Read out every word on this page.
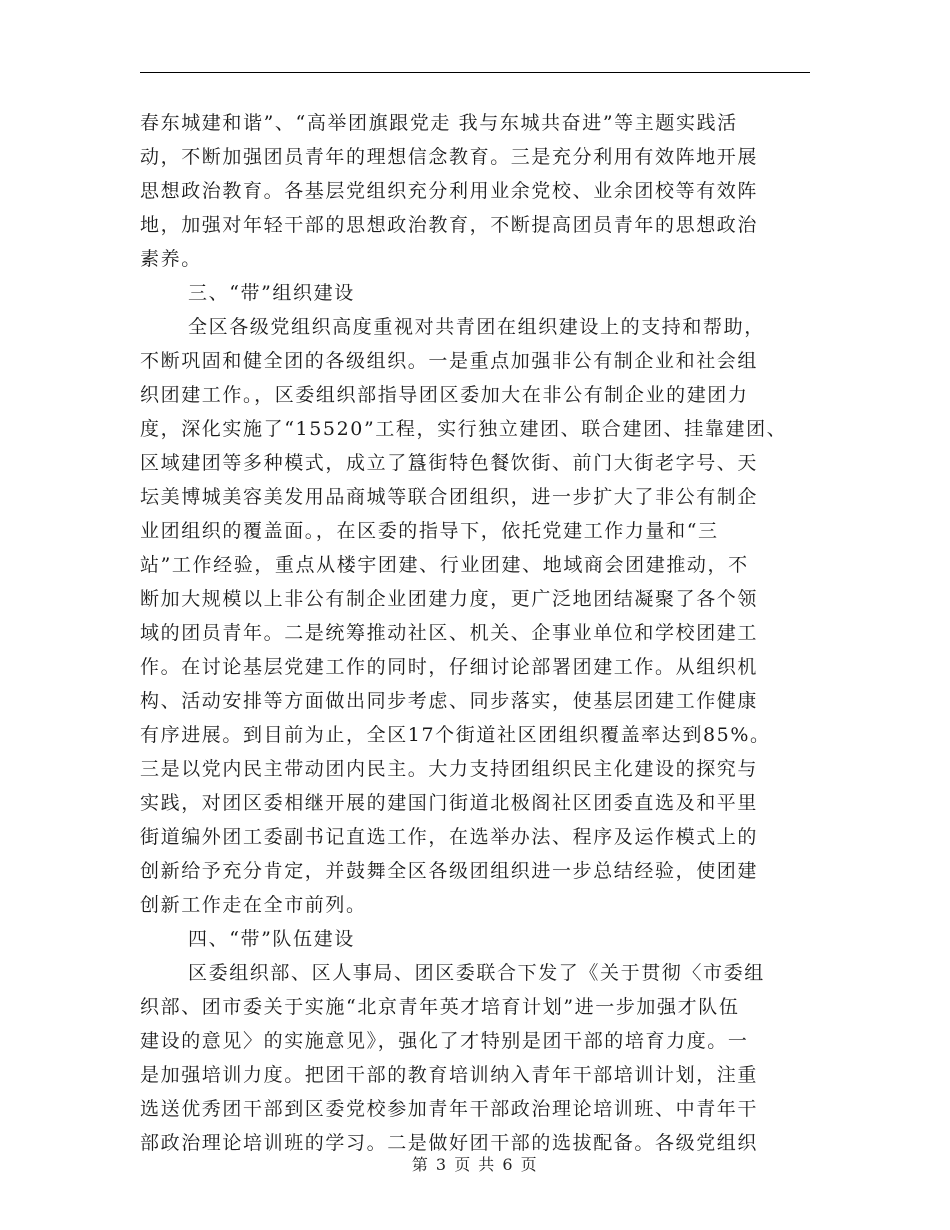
春东城建和谐”、“高举团旗跟党走 我与东城共奋进”等主题实践活
动，不断加强团员青年的理想信念教育。三是充分利用有效阵地开展
思想政治教育。各基层党组织充分利用业余党校、业余团校等有效阵
地，加强对年轻干部的思想政治教育，不断提高团员青年的思想政治
素养。
三、“带”组织建设
全区各级党组织高度重视对共青团在组织建设上的支持和帮助，
不断巩固和健全团的各级组织。一是重点加强非公有制企业和社会组
织团建工作。，区委组织部指导团区委加大在非公有制企业的建团力
度，深化实施了“15520”工程，实行独立建团、联合建团、挂靠建团、
区域建团等多种模式，成立了簋街特色餐饮街、前门大街老字号、天
坛美博城美容美发用品商城等联合团组织，进一步扩大了非公有制企
业团组织的覆盖面。，在区委的指导下，依托党建工作力量和“三
站”工作经验，重点从楼宇团建、行业团建、地域商会团建推动，不
断加大规模以上非公有制企业团建力度，更广泛地团结凝聚了各个领
域的团员青年。二是统筹推动社区、机关、企事业单位和学校团建工
作。在讨论基层党建工作的同时，仔细讨论部署团建工作。从组织机
构、活动安排等方面做出同步考虑、同步落实，使基层团建工作健康
有序进展。到目前为止，全区17个街道社区团组织覆盖率达到85%。
三是以党内民主带动团内民主。大力支持团组织民主化建设的探究与
实践，对团区委相继开展的建国门街道北极阁社区团委直选及和平里
街道编外团工委副书记直选工作，在选举办法、程序及运作模式上的
创新给予充分肯定，并鼓舞全区各级团组织进一步总结经验，使团建
创新工作走在全市前列。
四、“带”队伍建设
区委组织部、区人事局、团区委联合下发了《关于贯彻〈市委组
织部、团市委关于实施“北京青年英才培育计划”进一步加强才队伍
建设的意见〉的实施意见》，强化了才特别是团干部的培育力度。一
是加强培训力度。把团干部的教育培训纳入青年干部培训计划，注重
选送优秀团干部到区委党校参加青年干部政治理论培训班、中青年干
部政治理论培训班的学习。二是做好团干部的选拔配备。各级党组织
第 3 页 共 6 页
